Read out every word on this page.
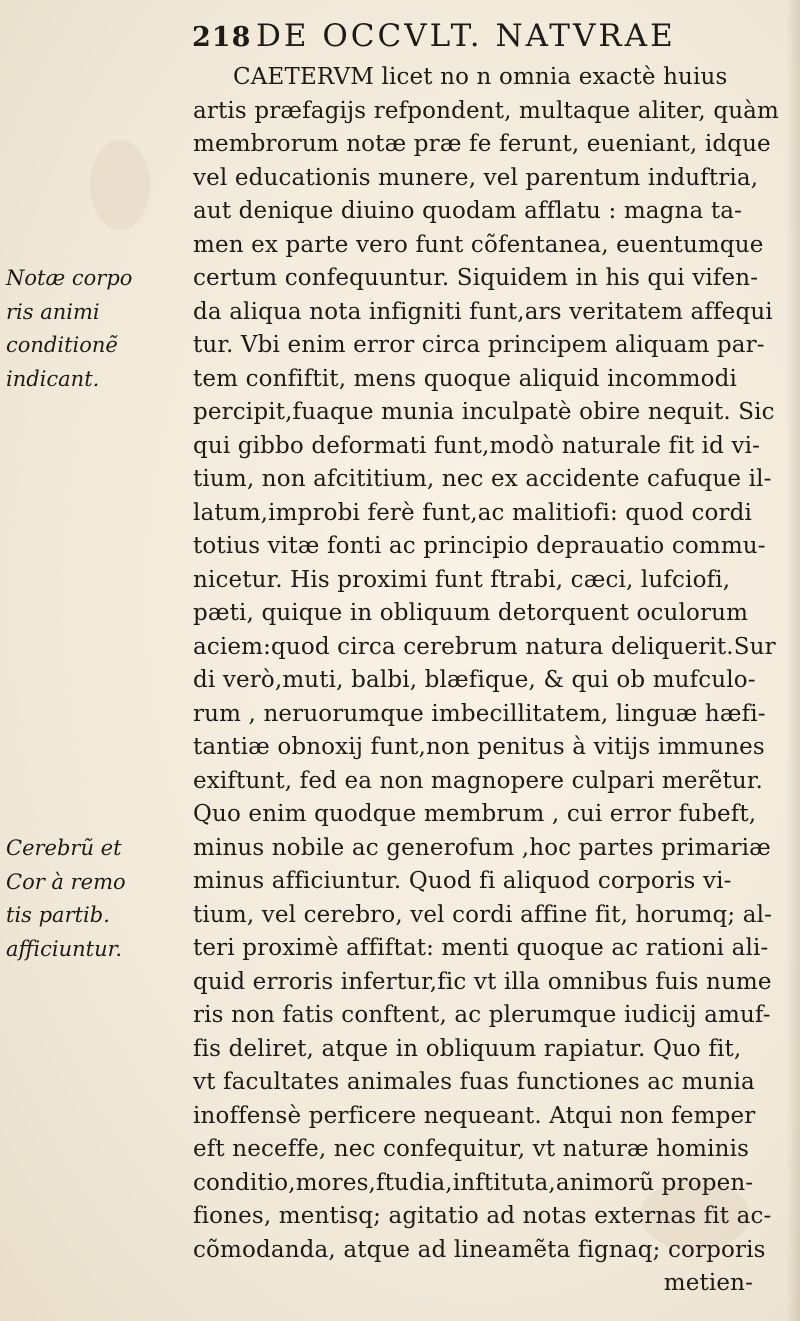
218 DE OCCVLT. NATVRAE
Notæ corpo
ris animi
conditionẽ
indicant.
Cerebrũ et
Cor à remo
tis partib.
afficiuntur.
CAETERVM licet no n omnia exactè huius
artis præfagijs refpondent, multaque aliter, quàm
membrorum notæ præ fe ferunt, eueniant, idque
vel educationis munere, vel parentum induftria,
aut denique diuino quodam afflatu : magna ta-
men ex parte vero funt cõfentanea, euentumque
certum confequuntur. Siquidem in his qui vifen-
da aliqua nota infigniti funt,ars veritatem affequi
tur. Vbi enim error circa principem aliquam par-
tem confiftit, mens quoque aliquid incommodi
percipit,fuaque munia inculpatè obire nequit. Sic
qui gibbo deformati funt,modò naturale fit id vi-
tium, non afcititium, nec ex accidente cafuque il-
latum,improbi ferè funt,ac malitiofi: quod cordi
totius vitæ fonti ac principio deprauatio commu-
nicetur. His proximi funt ftrabi, cæci, lufciofi,
pæti, quique in obliquum detorquent oculorum
aciem:quod circa cerebrum natura deliquerit.Sur
di verò,muti, balbi, blæfique, & qui ob mufculo-
rum , neruorumque imbecillitatem, linguæ hæfi-
tantiæ obnoxij funt,non penitus à vitijs immunes
exiftunt, fed ea non magnopere culpari merẽtur.
Quo enim quodque membrum , cui error fubeft,
minus nobile ac generofum ,hoc partes primariæ
minus afficiuntur. Quod fi aliquod corporis vi-
tium, vel cerebro, vel cordi affine fit, horumq; al-
teri proximè affiftat: menti quoque ac rationi ali-
quid erroris infertur,fic vt illa omnibus fuis nume
ris non fatis conftent, ac plerumque iudicij amuf-
fis deliret, atque in obliquum rapiatur. Quo fit,
vt facultates animales fuas functiones ac munia
inoffensè perficere nequeant. Atqui non femper
eft neceffe, nec confequitur, vt naturæ hominis
conditio,mores,ftudia,inftituta,animorũ propen-
fiones, mentisq; agitatio ad notas externas fit ac-
cõmodanda, atque ad lineamẽta fignaq; corporis
metien-
